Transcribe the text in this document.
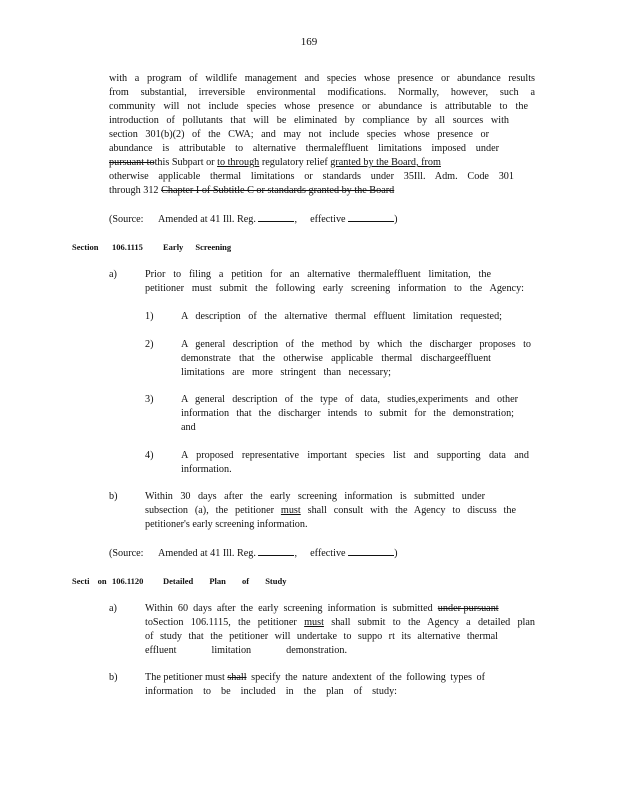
169
with a program of wildlife management and species whose presence or abundance results
from substantial, irreversible environmental modifications. Normally, however, such a
community will not include species whose presence or abundance is attributable to the
introduction of pollutants that will be eliminated by compliance by all sources with
section 301(b)(2) of the CWA; and may not include species whose presence or
abundance is attributable to alternative thermaleffluent limitations imposed under
pursuant tothis Subpart or to through regulatory relief granted by the Board, from
otherwise applicable thermal limitations or standards under 35Ill. Adm. Code 301
through 312 Chapter I of Subtitle C or standards granted by the Board
(Source: Amended at 41 Ill. Reg.	, effective	)
Section 106.1115 Early Screening
a)	Prior to filing a petition for an alternative thermaleffluent limitation, the
petitioner must submit the following early screening information to the Agency:
1)	A description of the alternative thermal effluent limitation requested;
2)	A general description of the method by which the discharger proposes to
demonstrate that the otherwise applicable thermal dischargeeffluent
limitations are more stringent than necessary;
3)	A general description of the type of data, studies,experiments and other
information that the discharger intends to submit for the demonstration;
and
4)	A proposed representative important species list and supporting data and
information.
b)	Within 30 days after the early screening information is submitted under
subsection (a), the petitioner must shall consult with the Agency to discuss the
petitioner's early screening information.
(Source: Amended at 41 Ill. Reg.	, effective	)
Secti on 106.1120 Detailed Plan of Study
a)	Within 60 days after the early screening information is submitted under pursuant
toSection 106.1115, the petitioner must shall submit to the Agency a detailed plan
of study that the petitioner will undertake to suppo rt its alternative thermal
effluent limitation demonstration.
b)	The petitioner must shall specify the nature andextent of the following types of
information to be included in the plan of study:
